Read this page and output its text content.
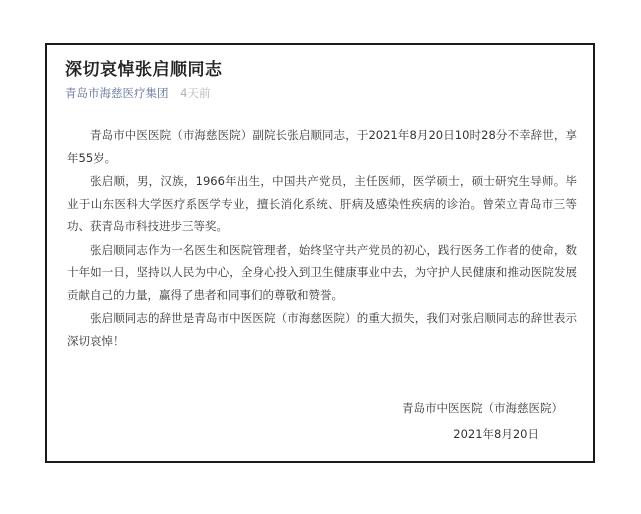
深切哀悼张启顺同志
青岛市海慈医疗集团 4天前

青岛市中医医院（市海慈医院）副院长张启顺同志，于2021年8月20日10时28分不幸辞世，享年55岁。

张启顺，男，汉族，1966年出生，中国共产党员，主任医师，医学硕士，硕士研究生导师。毕业于山东医科大学医疗系医学专业，擅长消化系统、肝病及感染性疾病的诊治。曾荣立青岛市三等功、获青岛市科技进步三等奖。

张启顺同志作为一名医生和医院管理者，始终坚守共产党员的初心，践行医务工作者的使命，数十年如一日，坚持以人民为中心，全身心投入到卫生健康事业中去，为守护人民健康和推动医院发展贡献自己的力量，赢得了患者和同事们的尊敬和赞誉。

张启顺同志的辞世是青岛市中医医院（市海慈医院）的重大损失，我们对张启顺同志的辞世表示深切哀悼！

青岛市中医医院（市海慈医院）
2021年8月20日
